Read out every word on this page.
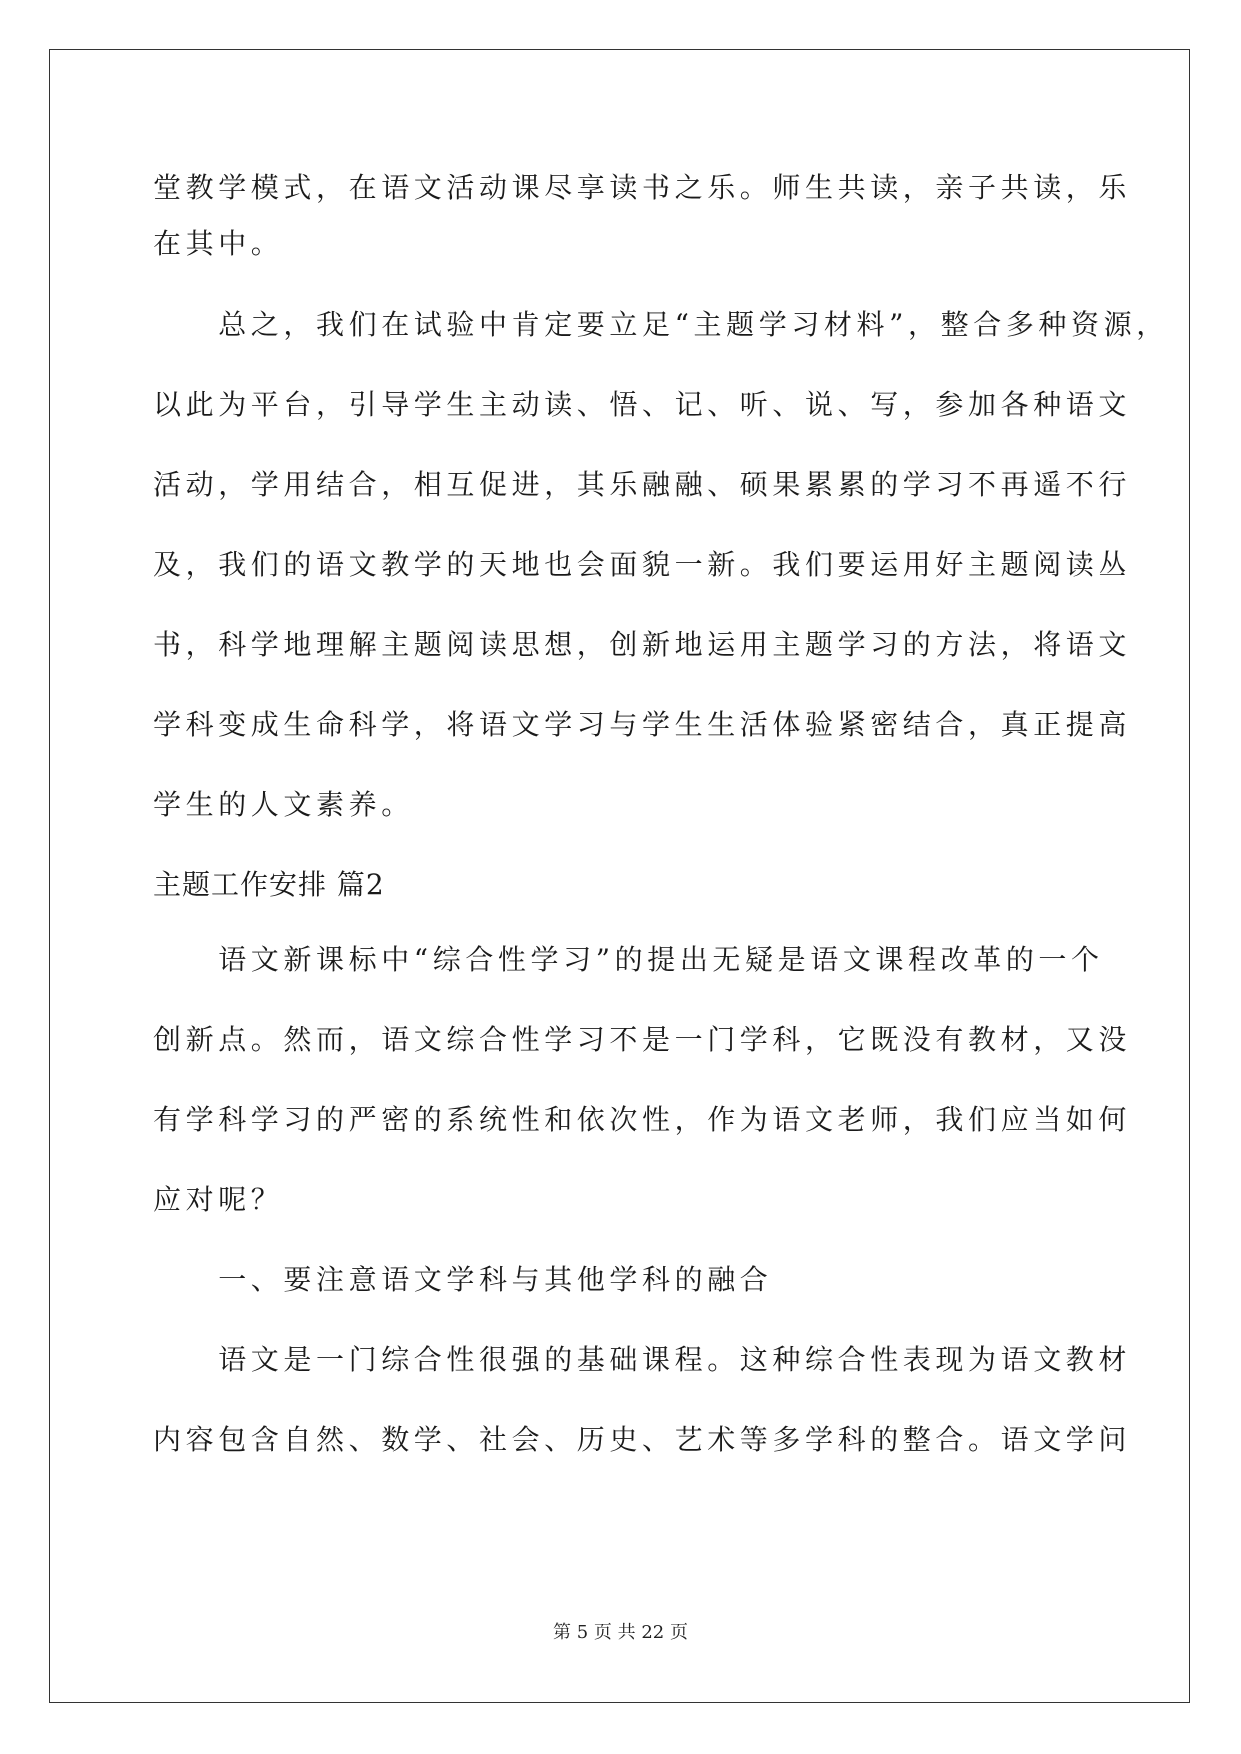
堂教学模式，在语文活动课尽享读书之乐。师生共读，亲子共读，乐
在其中。
　　总之，我们在试验中肯定要立足“主题学习材料”，整合多种资源，
以此为平台，引导学生主动读、悟、记、听、说、写，参加各种语文
活动，学用结合，相互促进，其乐融融、硕果累累的学习不再遥不行
及，我们的语文教学的天地也会面貌一新。我们要运用好主题阅读丛
书，科学地理解主题阅读思想，创新地运用主题学习的方法，将语文
学科变成生命科学，将语文学习与学生生活体验紧密结合，真正提高
学生的人文素养。
主题工作安排 篇2
　　语文新课标中“综合性学习”的提出无疑是语文课程改革的一个
创新点。然而，语文综合性学习不是一门学科，它既没有教材，又没
有学科学习的严密的系统性和依次性，作为语文老师，我们应当如何
应对呢？
　　一、要注意语文学科与其他学科的融合
　　语文是一门综合性很强的基础课程。这种综合性表现为语文教材
内容包含自然、数学、社会、历史、艺术等多学科的整合。语文学问
第 5 页 共 22 页
